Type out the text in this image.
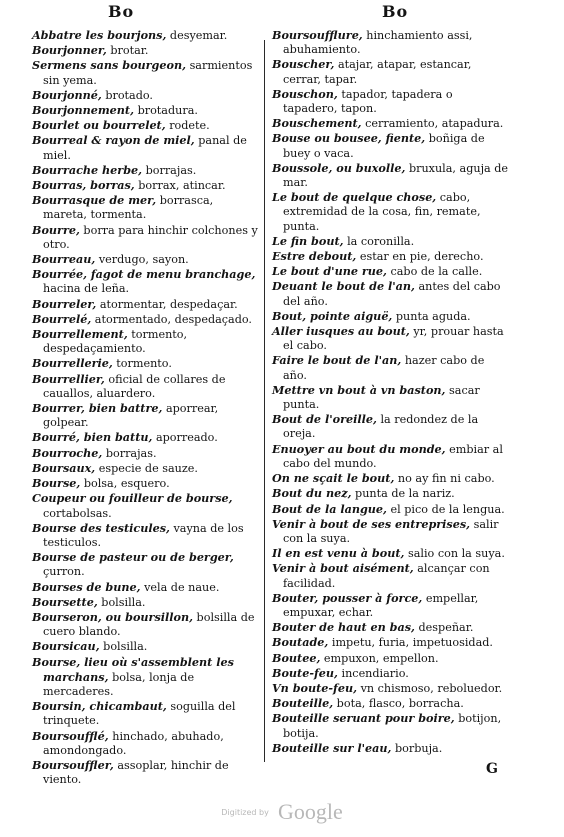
Bo	Bo

Abbatre les bourjons, desyemar.

Bourjonner, brotar.

Sermens sans bourgeon, sarmientos sin yema.

Bourjonné, brotado.

Bourjonnement, brotadura.

Bourlet ou bourrelet, rodete.

Bourreal & rayon de miel, panal de miel.

Bourrache herbe, borrajas.

Bourras, borras, borrax, atincar.

Bourrasque de mer, borrasca, mareta, tormenta.

Bourre, borra para hinchir colchones y otro.

Bourreau, verdugo, sayon.

Bourrée, fagot de menu branchage, hacina de leña.

Bourreler, atormentar, despedaçar.

Bourrelé, atormentado, despedaçado.

Bourrellement, tormento, despedaçamiento.

Bourrellerie, tormento.

Bourrellier, oficial de collares de cauallos, aluardero.

Bourrer, bien battre, aporrear, golpear.

Bourré, bien battu, aporreado.

Bourroche, borrajas.

Boursaux, especie de sauze.

Bourse, bolsa, esquero.

Coupeur ou fouilleur de bourse, cortabolsas.

Bourse des testicules, vayna de los testiculos.

Bourse de pasteur ou de berger, çurron.

Bourses de bune, vela de naue.

Boursette, bolsilla.

Bourseron, ou boursillon, bolsilla de cuero blando.

Boursicau, bolsilla.

Bourse, lieu où s'assemblent les marchans, bolsa, lonja de mercaderes.

Boursin, chicambaut, soguilla del trinquete.

Boursoufflé, hinchado, abuhado, amondongado.

Boursouffler, assoplar, hinchir de viento.

Boursoufflure, hinchamiento assi, abuhamiento.

Bouscher, atajar, atapar, estancar, cerrar, tapar.

Bouschon, tapador, tapadera o tapadero, tapon.

Bouschement, cerramiento, atapadura.

Bouse ou bousee, fiente, boñiga de buey o vaca.

Boussole, ou buxolle, bruxula, aguja de mar.

Le bout de quelque chose, cabo, extremidad de la cosa, fin, remate, punta.

Le fin bout, la coronilla.

Estre debout, estar en pie, derecho.

Le bout d'une rue, cabo de la calle.

Deuant le bout de l'an, antes del cabo del año.

Bout, pointe aiguë, punta aguda.

Aller iusques au bout, yr, prouar hasta el cabo.

Faire le bout de l'an, hazer cabo de año.

Mettre vn bout à vn baston, sacar punta.

Bout de l'oreille, la redondez de la oreja.

Enuoyer au bout du monde, embiar al cabo del mundo.

On ne sçait le bout, no ay fin ni cabo.

Bout du nez, punta de la nariz.

Bout de la langue, el pico de la lengua.

Venir à bout de ses entreprises, salir con la suya.

Il en est venu à bout, salio con la suya.

Venir à bout aisément, alcançar con facilidad.

Bouter, pousser à force, empellar, empuxar, echar.

Bouter de haut en bas, despeñar.

Boutade, impetu, furia, impetuosidad.

Boutee, empuxon, empellon.

Boute-feu, incendiario.

Vn boute-feu, vn chismoso, reboluedor.

Bouteille, bota, flasco, borracha.

Bouteille seruant pour boire, botijon, botija.

Bouteille sur l'eau, borbuja.

G
Digitized by Google
